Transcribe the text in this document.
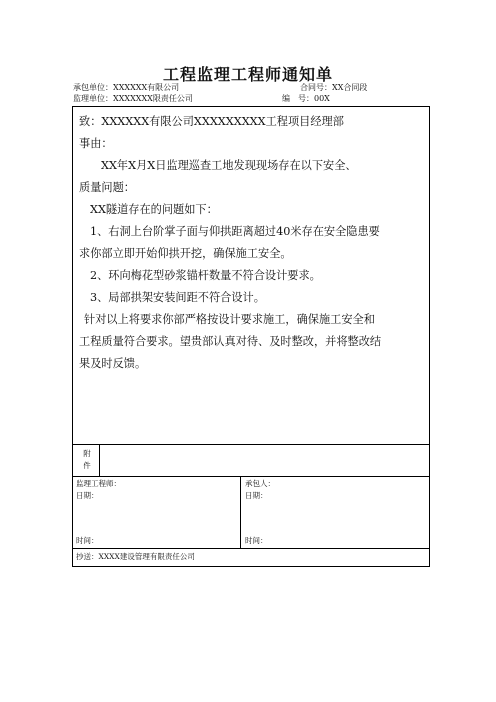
工程监理工程师通知单
承包单位：XXXXXX有限公司	合同号：XX合同段
监理单位：XXXXXXX限责任公司	编　号：00X
致：XXXXXX有限公司XXXXXXXXX工程项目经理部
事由：
XX年X月X日监理巡查工地发现现场存在以下安全、
质量问题：
XX隧道存在的问题如下：
1、右洞上台阶掌子面与仰拱距离超过40米存在安全隐患要
求你部立即开始仰拱开挖，确保施工安全。
2、环向梅花型砂浆锚杆数量不符合设计要求。
3、局部拱架安装间距不符合设计。
针对以上将要求你部严格按设计要求施工，确保施工安全和
工程质量符合要求。望贵部认真对待、及时整改，并将整改结
果及时反馈。
附
件
监理工程师：
日期：
时间：
承包人：
日期：
时间：
抄送：XXXX建设管理有限责任公司
